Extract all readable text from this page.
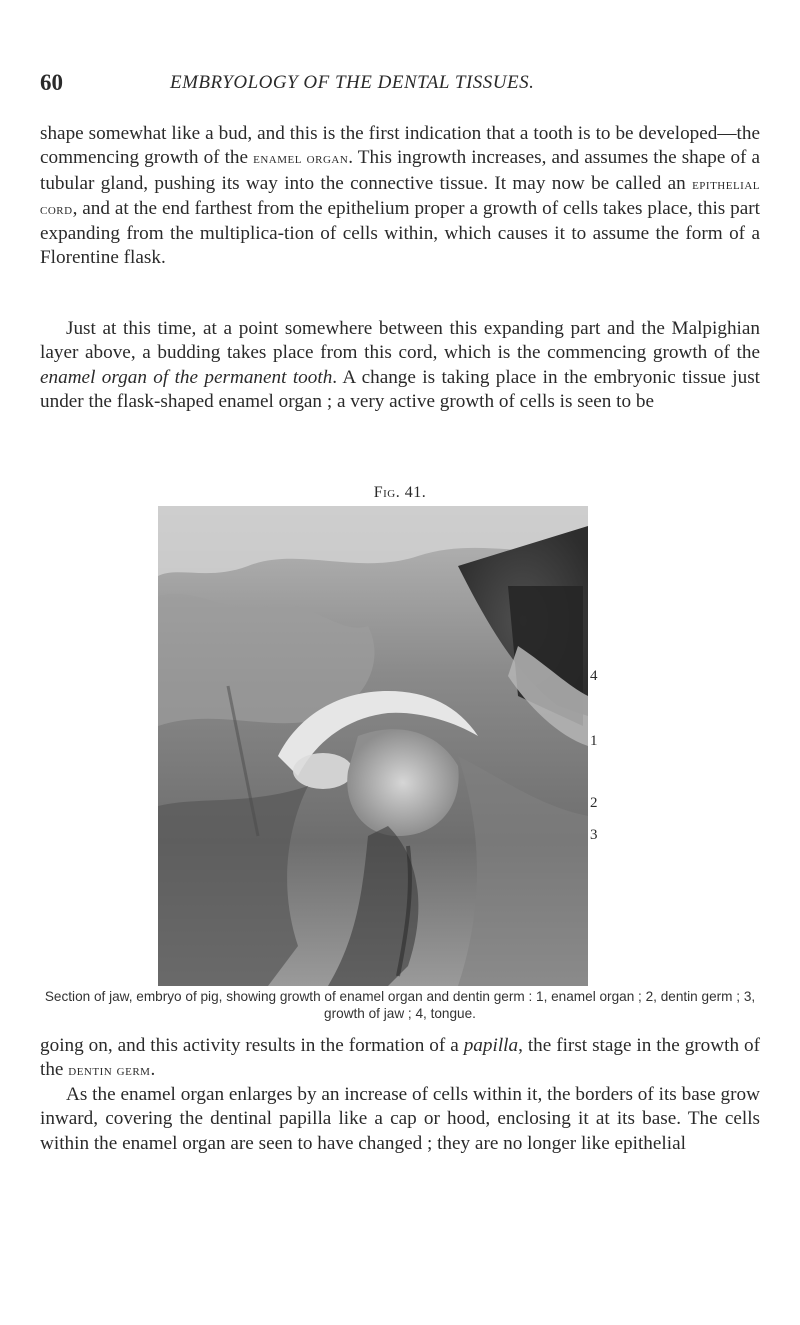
60	EMBRYOLOGY OF THE DENTAL TISSUES.

shape somewhat like a bud, and this is the first indication that a tooth is to be developed—the commencing growth of the enamel organ. This ingrowth increases, and assumes the shape of a tubular gland, pushing its way into the connective tissue. It may now be called an epithelial cord, and at the end farthest from the epithelium proper a growth of cells takes place, this part expanding from the multiplica-tion of cells within, which causes it to assume the form of a Florentine flask.

Just at this time, at a point somewhere between this expanding part and the Malpighian layer above, a budding takes place from this cord, which is the commencing growth of the enamel organ of the permanent tooth. A change is taking place in the embryonic tissue just under the flask-shaped enamel organ ; a very active growth of cells is seen to be

Fig. 41.
4
1
2
3

Section of jaw, embryo of pig, showing growth of enamel organ and dentin germ : 1, enamel organ ; 2, dentin germ ; 3, growth of jaw ; 4, tongue.

going on, and this activity results in the formation of a papilla, the first stage in the growth of the dentin germ.

As the enamel organ enlarges by an increase of cells within it, the borders of its base grow inward, covering the dentinal papilla like a cap or hood, enclosing it at its base. The cells within the enamel organ are seen to have changed ; they are no longer like epithelial
